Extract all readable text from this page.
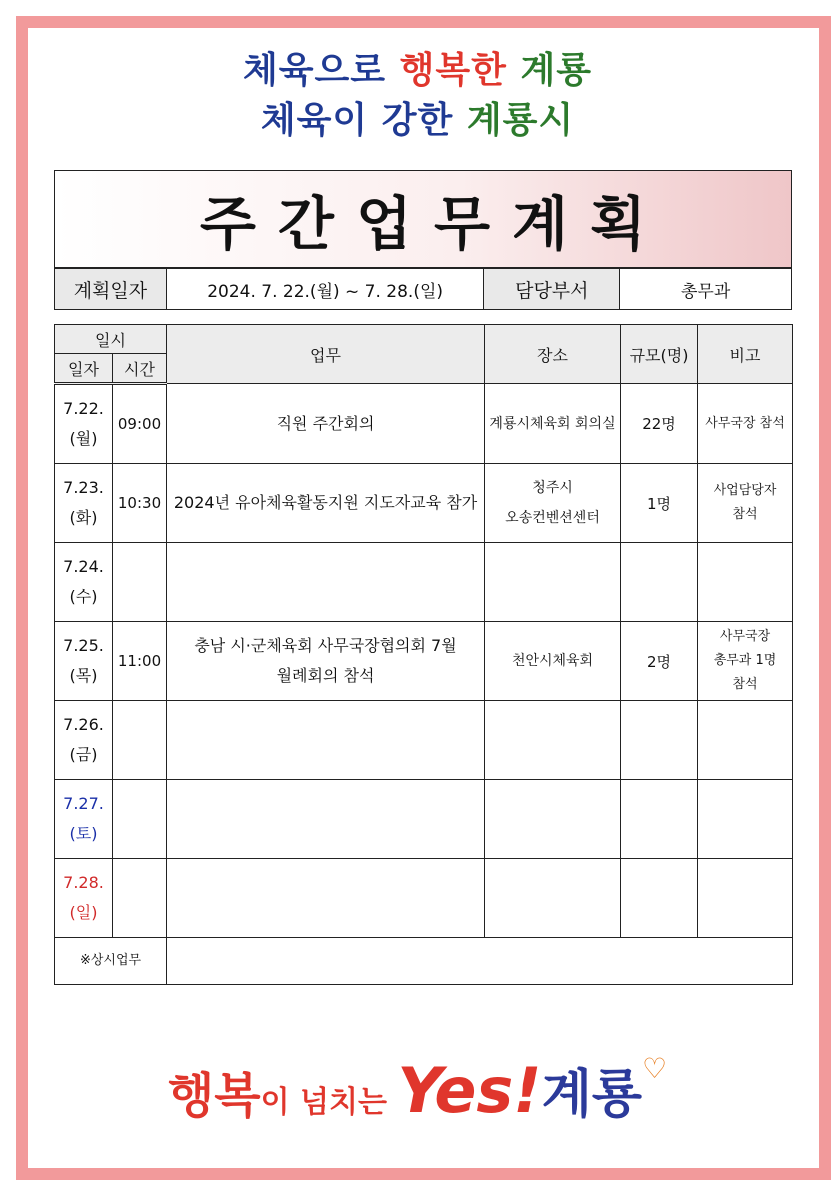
체육으로 행복한 계룡
체육이 강한 계룡시
주간업무계획
계획일자	2024. 7. 22.(월) ~ 7. 28.(일)	담당부서	총무과
일시		업무	장소	규모(명)	비고
일자	시간				
7.22.
(월)	09:00	직원 주간회의	계룡시체육회 회의실	22명	사무국장 참석
7.23.
(화)	10:30	2024년 유아체육활동지원 지도자교육 참가	청주시
오송컨벤션센터	1명	사업담당자
참석
7.24.
(수)					
7.25.
(목)	11:00	충남 시·군체육회 사무국장협의회 7월
월례회의 참석	천안시체육회	2명	사무국장
총무과 1명
참석
7.26.
(금)					
7.27.
(토)					
7.28.
(일)					
※상시업무					
행복이 넘치는 Yes!계룡♡
